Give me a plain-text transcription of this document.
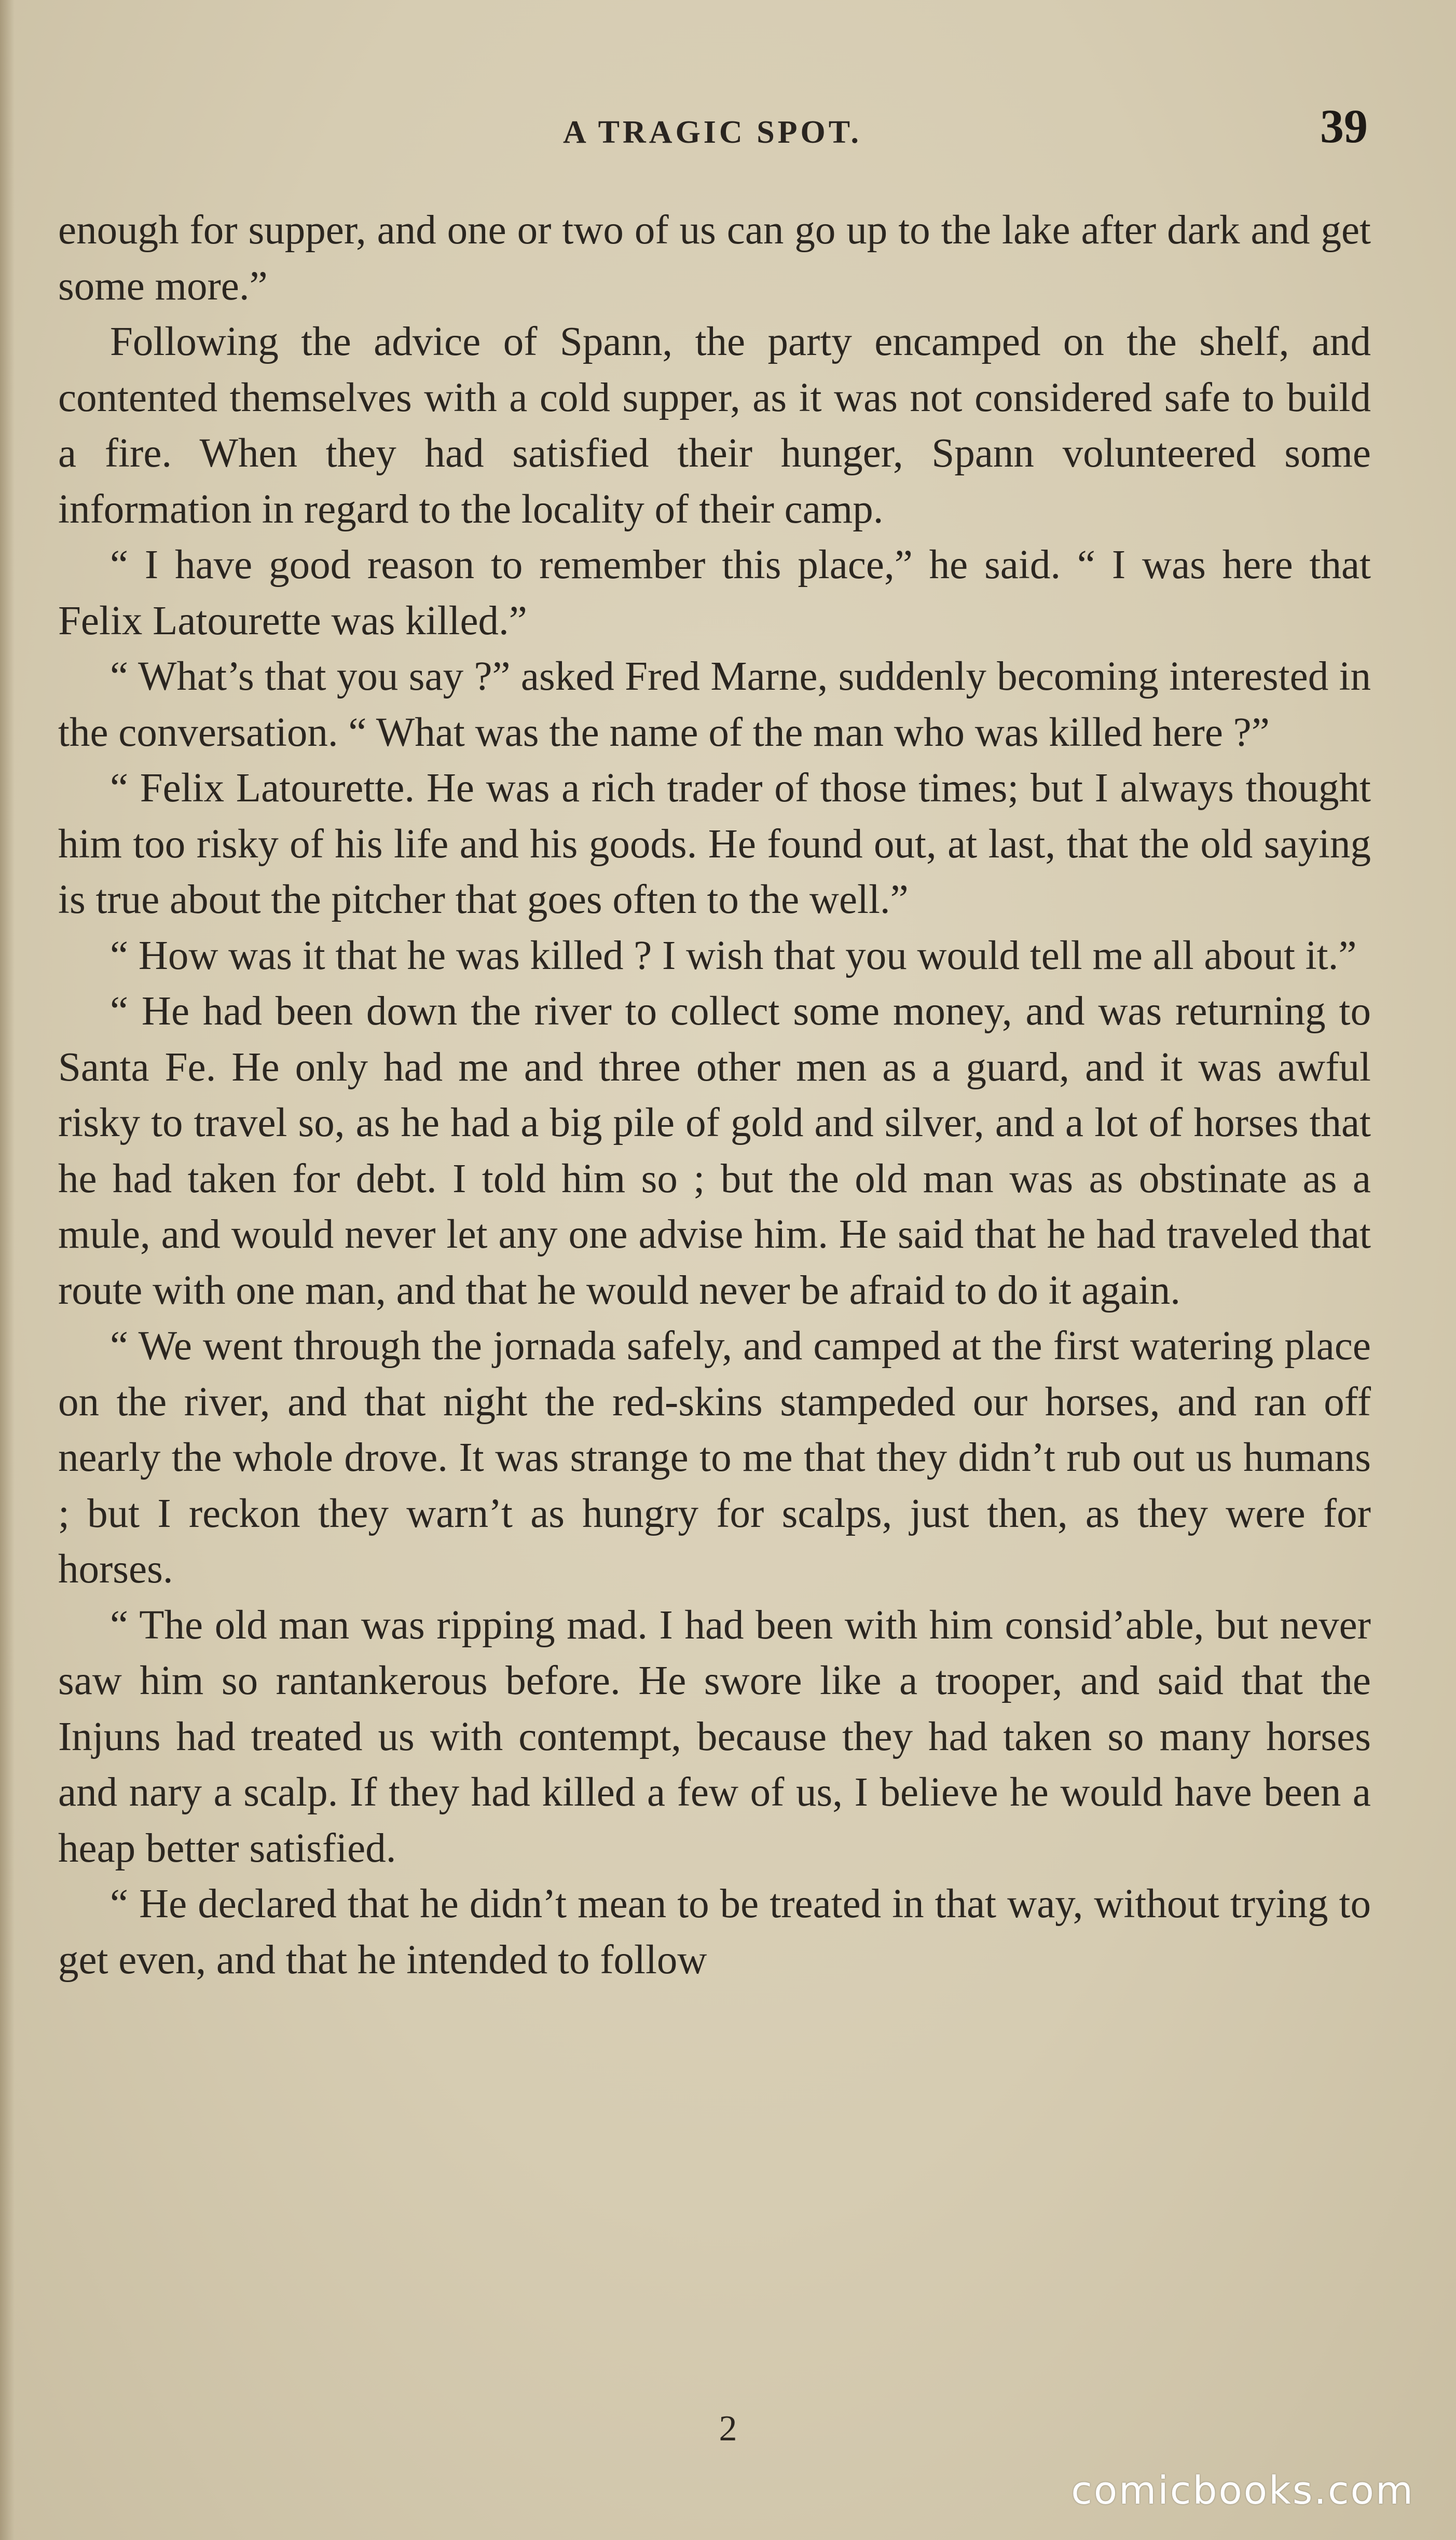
A TRAGIC SPOT.	39

enough for supper, and one or two of us can go up to the lake after dark and get some more.”

Following the advice of Spann, the party encamped on the shelf, and contented themselves with a cold supper, as it was not considered safe to build a fire. When they had satisfied their hunger, Spann volunteered some information in regard to the locality of their camp.

“ I have good reason to remember this place,” he said. “ I was here that Felix Latourette was killed.”

“ What’s that you say ?” asked Fred Marne, suddenly becoming interested in the conversation. “ What was the name of the man who was killed here ?”

“ Felix Latourette. He was a rich trader of those times; but I always thought him too risky of his life and his goods. He found out, at last, that the old saying is true about the pitcher that goes often to the well.”

“ How was it that he was killed ? I wish that you would tell me all about it.”

“ He had been down the river to collect some money, and was returning to Santa Fe. He only had me and three other men as a guard, and it was awful risky to travel so, as he had a big pile of gold and silver, and a lot of horses that he had taken for debt. I told him so ; but the old man was as obstinate as a mule, and would never let any one advise him. He said that he had traveled that route with one man, and that he would never be afraid to do it again.

“ We went through the jornada safely, and camped at the first watering place on the river, and that night the red-skins stampeded our horses, and ran off nearly the whole drove. It was strange to me that they didn’t rub out us humans ; but I reckon they warn’t as hungry for scalps, just then, as they were for horses.

“ The old man was ripping mad. I had been with him consid’able, but never saw him so rantankerous before. He swore like a trooper, and said that the Injuns had treated us with contempt, because they had taken so many horses and nary a scalp. If they had killed a few of us, I believe he would have been a heap better satisfied.

“ He declared that he didn’t mean to be treated in that way, without trying to get even, and that he intended to follow

2
comicbooks.com
